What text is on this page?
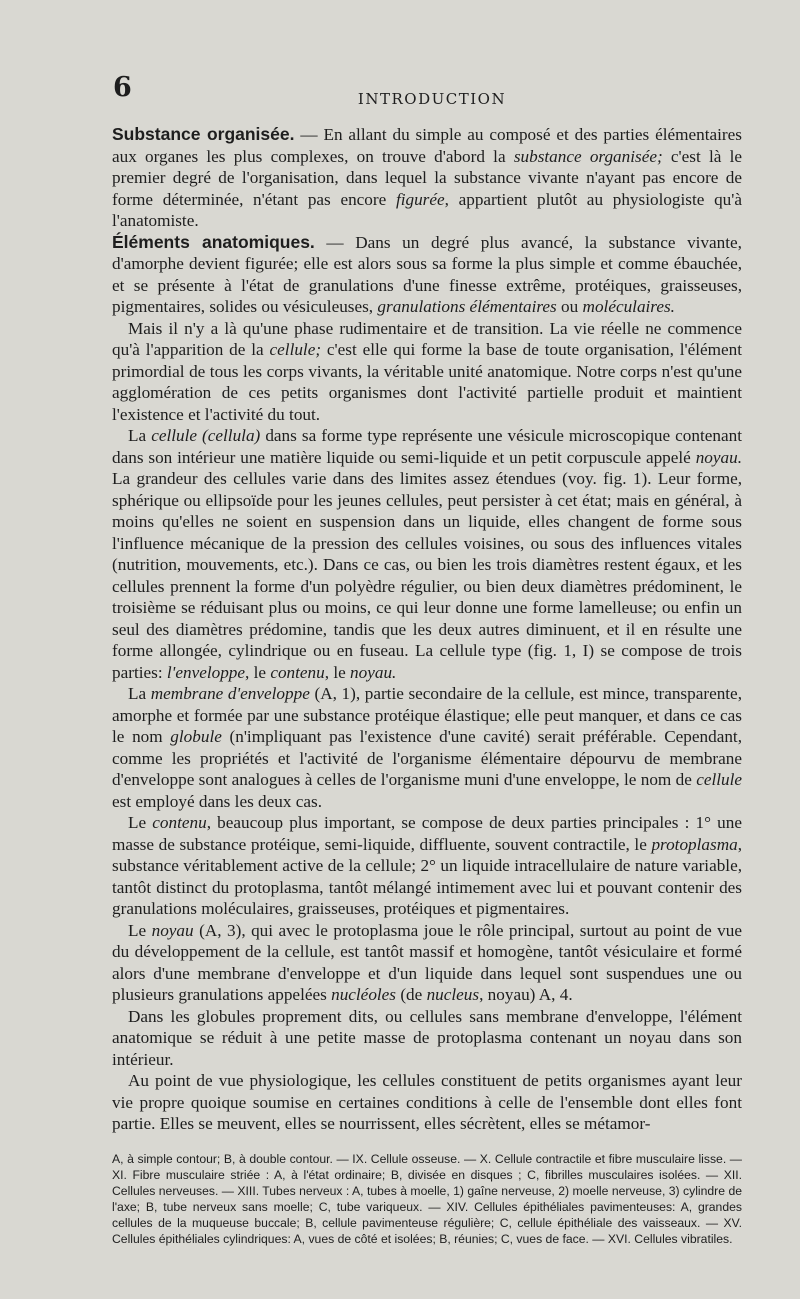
6	INTRODUCTION

Substance organisée. — En allant du simple au composé et des parties élémentaires aux organes les plus complexes, on trouve d'abord la substance organisée; c'est là le premier degré de l'organisation, dans lequel la substance vivante n'ayant pas encore de forme déterminée, n'étant pas encore figurée, appartient plutôt au physiologiste qu'à l'anatomiste.

Éléments anatomiques. — Dans un degré plus avancé, la substance vivante, d'amorphe devient figurée; elle est alors sous sa forme la plus simple et comme ébauchée, et se présente à l'état de granulations d'une finesse extrême, protéiques, graisseuses, pigmentaires, solides ou vésiculeuses, granulations élémentaires ou moléculaires.

Mais il n'y a là qu'une phase rudimentaire et de transition. La vie réelle ne commence qu'à l'apparition de la cellule; c'est elle qui forme la base de toute organisation, l'élément primordial de tous les corps vivants, la véritable unité anatomique. Notre corps n'est qu'une agglomération de ces petits organismes dont l'activité partielle produit et maintient l'existence et l'activité du tout.

La cellule (cellula) dans sa forme type représente une vésicule microscopique contenant dans son intérieur une matière liquide ou semi-liquide et un petit corpuscule appelé noyau. La grandeur des cellules varie dans des limites assez étendues (voy. fig. 1). Leur forme, sphérique ou ellipsoïde pour les jeunes cellules, peut persister à cet état; mais en général, à moins qu'elles ne soient en suspension dans un liquide, elles changent de forme sous l'influence mécanique de la pression des cellules voisines, ou sous des influences vitales (nutrition, mouvements, etc.). Dans ce cas, ou bien les trois diamètres restent égaux, et les cellules prennent la forme d'un polyèdre régulier, ou bien deux diamètres prédominent, le troisième se réduisant plus ou moins, ce qui leur donne une forme lamelleuse; ou enfin un seul des diamètres prédomine, tandis que les deux autres diminuent, et il en résulte une forme allongée, cylindrique ou en fuseau. La cellule type (fig. 1, I) se compose de trois parties: l'enveloppe, le contenu, le noyau.

La membrane d'enveloppe (A, 1), partie secondaire de la cellule, est mince, transparente, amorphe et formée par une substance protéique élastique; elle peut manquer, et dans ce cas le nom globule (n'impliquant pas l'existence d'une cavité) serait préférable. Cependant, comme les propriétés et l'activité de l'organisme élémentaire dépourvu de membrane d'enveloppe sont analogues à celles de l'organisme muni d'une enveloppe, le nom de cellule est employé dans les deux cas.

Le contenu, beaucoup plus important, se compose de deux parties principales : 1° une masse de substance protéique, semi-liquide, diffluente, souvent contractile, le protoplasma, substance véritablement active de la cellule; 2° un liquide intracellulaire de nature variable, tantôt distinct du protoplasma, tantôt mélangé intimement avec lui et pouvant contenir des granulations moléculaires, graisseuses, protéiques et pigmentaires.

Le noyau (A, 3), qui avec le protoplasma joue le rôle principal, surtout au point de vue du développement de la cellule, est tantôt massif et homogène, tantôt vésiculaire et formé alors d'une membrane d'enveloppe et d'un liquide dans lequel sont suspendues une ou plusieurs granulations appelées nucléoles (de nucleus, noyau) A, 4.

Dans les globules proprement dits, ou cellules sans membrane d'enveloppe, l'élément anatomique se réduit à une petite masse de protoplasma contenant un noyau dans son intérieur.

Au point de vue physiologique, les cellules constituent de petits organismes ayant leur vie propre quoique soumise en certaines conditions à celle de l'ensemble dont elles font partie. Elles se meuvent, elles se nourrissent, elles sécrètent, elles se métamor-

A, à simple contour; B, à double contour. — IX. Cellule osseuse. — X. Cellule contractile et fibre musculaire lisse. — XI. Fibre musculaire striée : A, à l'état ordinaire; B, divisée en disques ; C, fibrilles musculaires isolées. — XII. Cellules nerveuses. — XIII. Tubes nerveux : A, tubes à moelle, 1) gaîne nerveuse, 2) moelle nerveuse, 3) cylindre de l'axe; B, tube nerveux sans moelle; C, tube variqueux. — XIV. Cellules épithéliales pavimenteuses: A, grandes cellules de la muqueuse buccale; B, cellule pavimenteuse régulière; C, cellule épithéliale des vaisseaux. — XV. Cellules épithéliales cylindriques: A, vues de côté et isolées; B, réunies; C, vues de face. — XVI. Cellules vibratiles.
